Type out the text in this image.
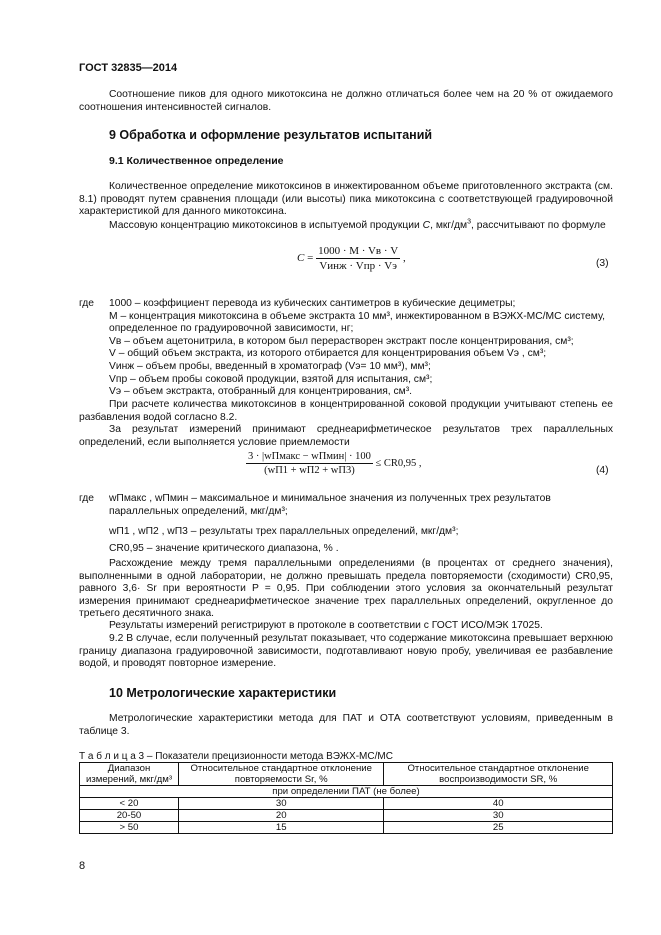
ГОСТ 32835—2014

Соотношение пиков для одного микотоксина не должно отличаться более чем на 20 % от ожидаемого соотношения интенсивностей сигналов.

9 Обработка и оформление результатов испытаний
9.1 Количественное определение

Количественное определение микотоксинов в инжектированном объеме приготовленного экстракта (см. 8.1) проводят путем сравнения площади (или высоты) пика микотоксина с соответствующей градуировочной характеристикой для данного микотоксина.

Массовую концентрацию микотоксинов в испытуемой продукции C, мкг/$дм^3$, рассчитывают по формуле

$C = \frac{1000 \cdot M \cdot Vв \cdot V}{\text{Vинж · Vпр · Vэ}}$ ,	(3)
где 1000 – коэффициент перевода из кубических сантиметров в кубические дециметры;
M – концентрация микотоксина в объеме экстракта 10 мм³, инжектированном в ВЭЖХ-МС/МС систему, определенное по градуировочной зависимости, нг;
Vв – объем ацетонитрила, в котором был перерастворен экстракт после концентрирования, см³;
V – общий объем экстракта, из которого отбирается для концентрирования объем Vэ , см³;
Vинж – объем пробы, введенный в хроматограф (Vэ= 10 мм³), мм³;
Vпр – объем пробы соковой продукции, взятой для испытания, см³;
Vэ – объем экстракта, отобранный для концентрирования, см³.

При расчете количества микотоксинов в концентрированной соковой продукции учитывают степень ее разбавления водой согласно 8.2.

За результат измерений принимают среднеарифметическое результатов трех параллельных определений, если выполняется условие приемлемости

$\frac{\text{3 · |wПмакс − wПмин| · 100}}{(wП1 + wП2 + wП3)} \le CR0,95$ ,
(4)
где wПмакс , wПмин – максимальное и минимальное значения из полученных трех результатов параллельных определений, мкг/дм³;
wП1 , wП2 , wП3 – результаты трех параллельных определений, мкг/дм³;
CR0,95 – значение критического диапазона, % .

Расхождение между тремя параллельными определениями (в процентах от среднего значения), выполненными в одной лаборатории, не должно превышать предела повторяемости (сходимости) CR0,95, равного 3,6· Sr при вероятности P = 0,95. При соблюдении этого условия за окончательный результат измерения принимают среднеарифметическое значение трех параллельных определений, округленное до третьего десятичного знака.

Результаты измерений регистрируют в протоколе в соответствии с ГОСТ ИСО/МЭК 17025.

9.2 В случае, если полученный результат показывает, что содержание микотоксина превышает верхнюю границу диапазона градуировочной зависимости, подготавливают новую пробу, увеличивая ее разбавление водой, и проводят повторное измерение.

10 Метрологические характеристики

Метрологические характеристики метода для ПАТ и ОТА соответствуют условиям, приведенным в таблице 3.

Т а б л и ц а 3 – Показатели прецизионности метода ВЭЖХ-МС/МС
Диапазон измерений, мкг/дм³	Относительное стандартное отклонение повторяемости Sr, %	Относительное стандартное отклонение воспроизводимости SR, %
при определении ПАТ (не более)		
< 20	30	40
20-50	20	30
> 50	15	25
8
